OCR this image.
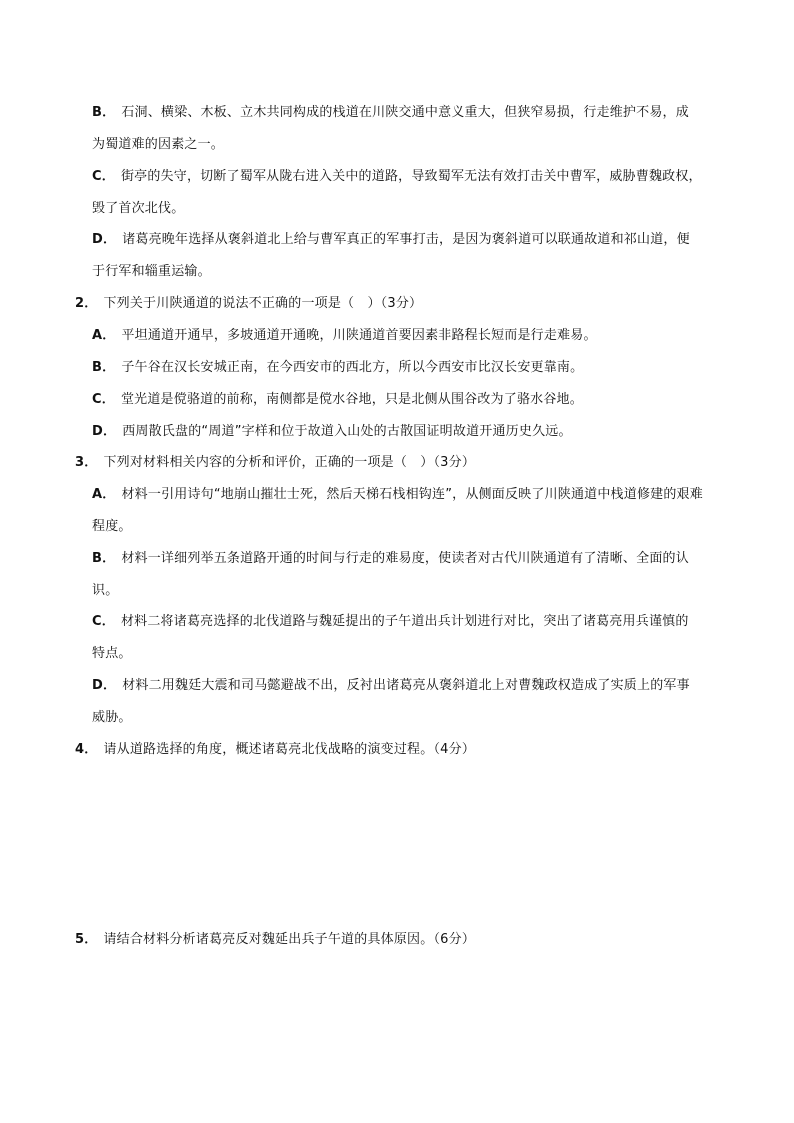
B． 石洞、横梁、木板、立木共同构成的栈道在川陕交通中意义重大，但狭窄易损，行走维护不易，成
为蜀道难的因素之一。
C． 街亭的失守，切断了蜀军从陇右进入关中的道路，导致蜀军无法有效打击关中曹军，威胁曹魏政权，
毁了首次北伐。
D． 诸葛亮晚年选择从褒斜道北上给与曹军真正的军事打击，是因为褒斜道可以联通故道和祁山道，便
于行军和辎重运输。
2． 下列关于川陕通道的说法不正确的一项是（　）（3分）
A． 平坦通道开通早，多坡通道开通晚，川陕通道首要因素非路程长短而是行走难易。
B． 子午谷在汉长安城正南，在今西安市的西北方，所以今西安市比汉长安更靠南。
C． 堂光道是傥骆道的前称，南侧都是傥水谷地，只是北侧从围谷改为了骆水谷地。
D． 西周散氏盘的“周道”字样和位于故道入山处的古散国证明故道开通历史久远。
3． 下列对材料相关内容的分析和评价，正确的一项是（　）（3分）
A． 材料一引用诗句“地崩山摧壮士死，然后天梯石栈相钩连”，从侧面反映了川陕通道中栈道修建的艰难
程度。
B． 材料一详细列举五条道路开通的时间与行走的难易度，使读者对古代川陕通道有了清晰、全面的认
识。
C． 材料二将诸葛亮选择的北伐道路与魏延提出的子午道出兵计划进行对比，突出了诸葛亮用兵谨慎的
特点。
D． 材料二用魏廷大震和司马懿避战不出，反衬出诸葛亮从褒斜道北上对曹魏政权造成了实质上的军事
威胁。
4． 请从道路选择的角度，概述诸葛亮北伐战略的演变过程。（4分）
5． 请结合材料分析诸葛亮反对魏延出兵子午道的具体原因。（6分）
